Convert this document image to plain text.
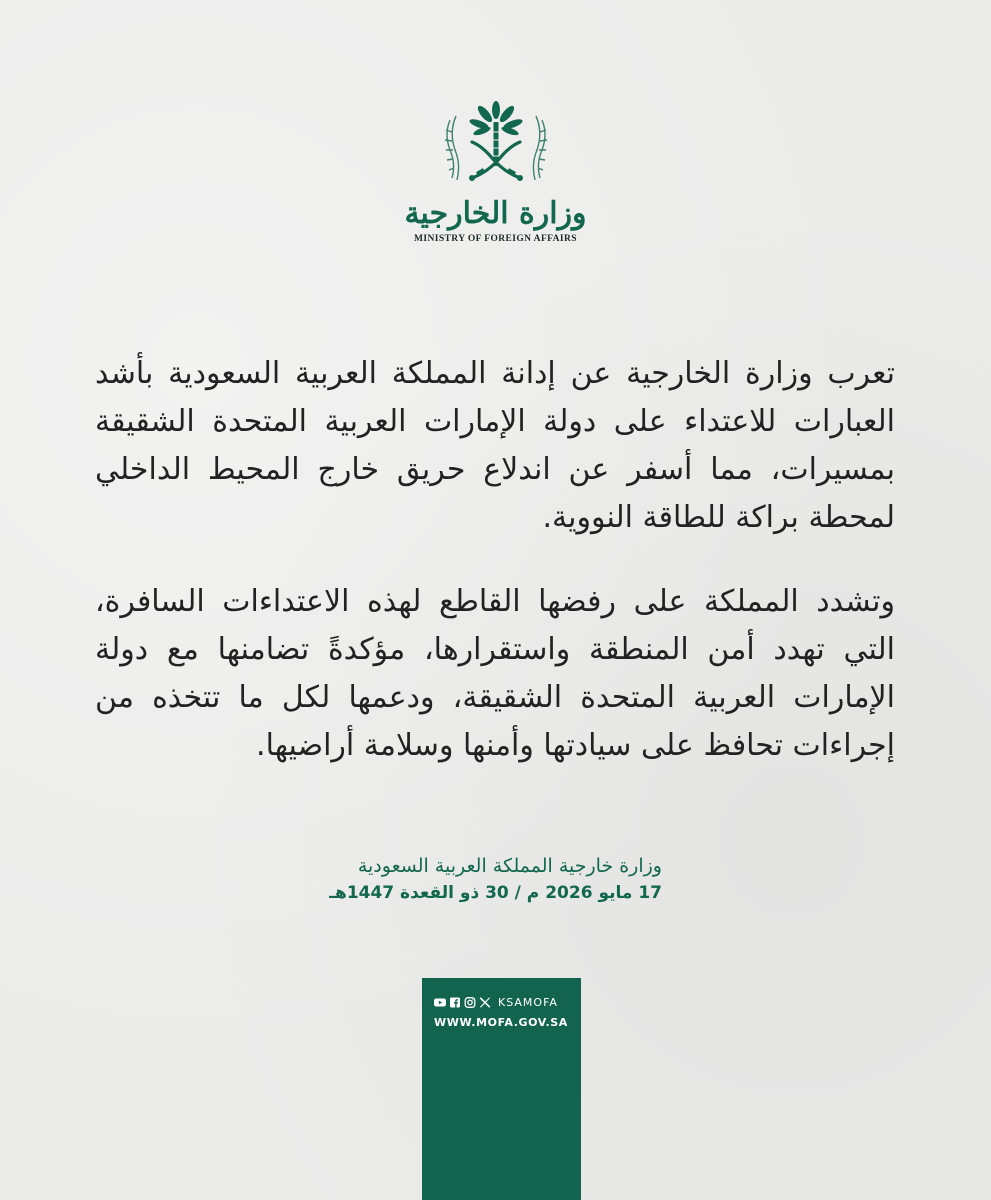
وزارة الخارجية
MINISTRY OF FOREIGN AFFAIRS

تعرب وزارة الخارجية عن إدانة المملكة العربية السعودية بأشد العبارات للاعتداء على دولة الإمارات العربية المتحدة الشقيقة بمسيرات، مما أسفر عن اندلاع حريق خارج المحيط الداخلي لمحطة براكة للطاقة النووية.

وتشدد المملكة على رفضها القاطع لهذه الاعتداءات السافرة، التي تهدد أمن المنطقة واستقرارها، مؤكدةً تضامنها مع دولة الإمارات العربية المتحدة الشقيقة، ودعمها لكل ما تتخذه من إجراءات تحافظ على سيادتها وأمنها وسلامة أراضيها.

وزارة خارجية المملكة العربية السعودية
17 مايو 2026 م / 30 ذو القعدة 1447هـ
KSAMOFA
WWW.MOFA.GOV.SA
